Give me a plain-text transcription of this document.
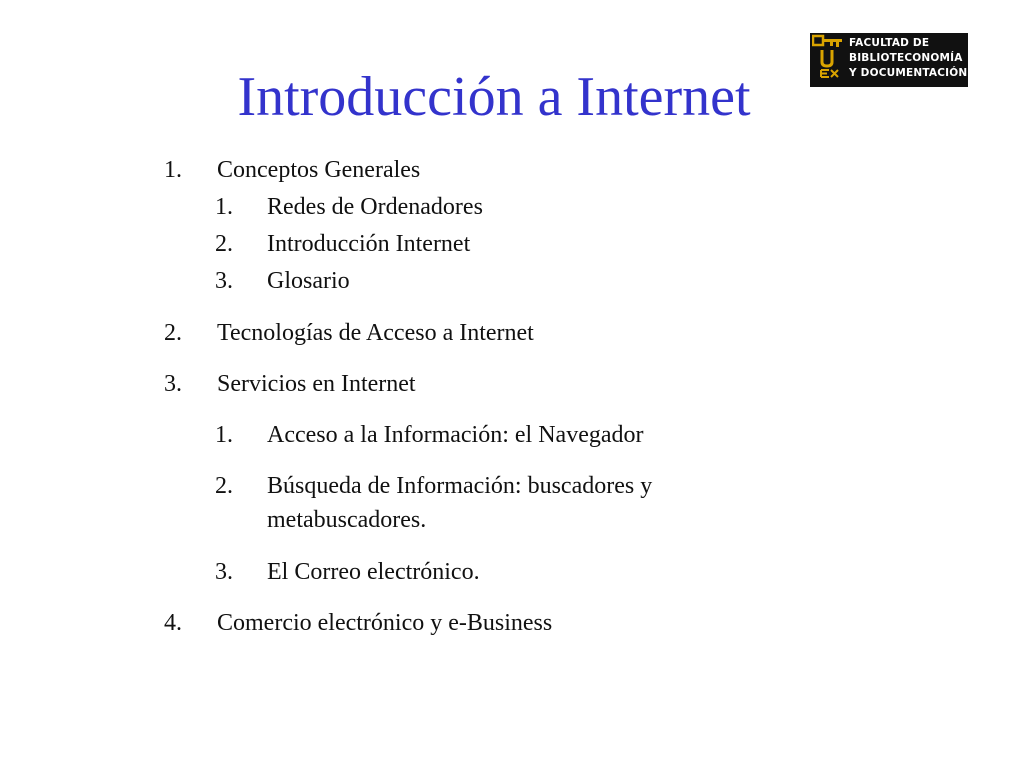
Introducción a Internet
FACULTAD DE
BIBLIOTECONOMÍA
Y DOCUMENTACIÓN
1. Conceptos Generales
1. Redes de Ordenadores
2. Introducción Internet
3. Glosario
2. Tecnologías de Acceso a Internet
3. Servicios en Internet
1. Acceso a la Información: el Navegador
2. Búsqueda de Información: buscadores y
metabuscadores.
3. El Correo electrónico.
4. Comercio electrónico y e-Business
